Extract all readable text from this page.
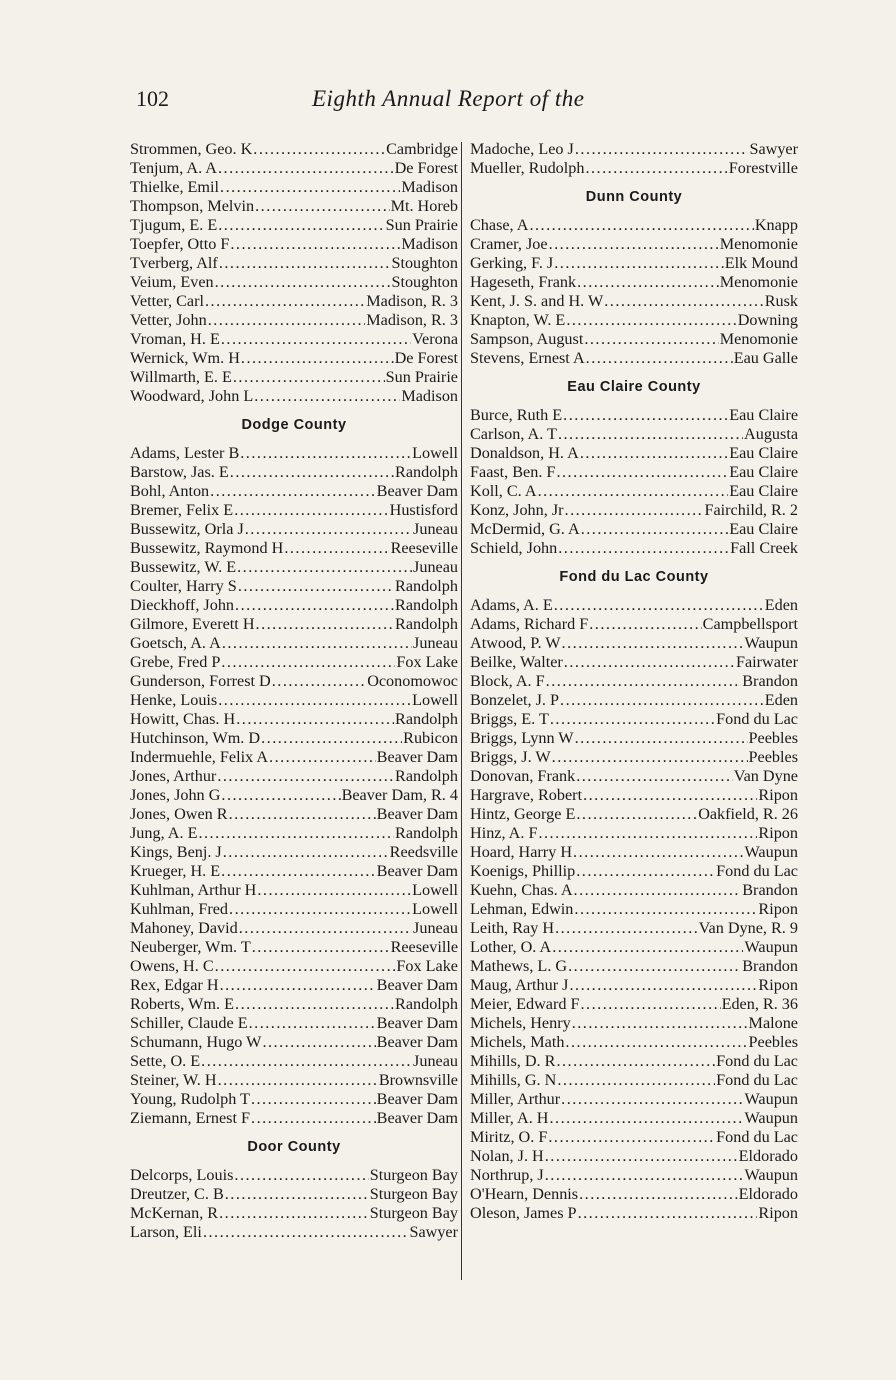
102	Eighth Annual Report of the
Strommen, Geo. K .....	Cambridge
Tenjum, A. A .....	De Forest
Thielke, Emil .....	Madison
Thompson, Melvin .....	Mt. Horeb
Tjugum, E. E .....	Sun Prairie
Toepfer, Otto F .....	Madison
Tverberg, Alf .....	Stoughton
Veium, Even .....	Stoughton
Vetter, Carl .....	Madison, R. 3
Vetter, John .....	Madison, R. 3
Vroman, H. E .....	Verona
Wernick, Wm. H .....	De Forest
Willmarth, E. E .....	Sun Prairie
Woodward, John L .....	Madison
Dodge County
Adams, Lester B .....	Lowell
Barstow, Jas. E .....	Randolph
Bohl, Anton .....	Beaver Dam
Bremer, Felix E .....	Hustisford
Bussewitz, Orla J .....	Juneau
Bussewitz, Raymond H .....	Reeseville
Bussewitz, W. E .....	Juneau
Coulter, Harry S .....	Randolph
Dieckhoff, John .....	Randolph
Gilmore, Everett H .....	Randolph
Goetsch, A. A .....	Juneau
Grebe, Fred P .....	Fox Lake
Gunderson, Forrest D .....	Oconomowoc
Henke, Louis .....	Lowell
Howitt, Chas. H .....	Randolph
Hutchinson, Wm. D .....	Rubicon
Indermuehle, Felix A .....	Beaver Dam
Jones, Arthur .....	Randolph
Jones, John G .....	Beaver Dam, R. 4
Jones, Owen R .....	Beaver Dam
Jung, A. E .....	Randolph
Kings, Benj. J .....	Reedsville
Krueger, H. E .....	Beaver Dam
Kuhlman, Arthur H .....	Lowell
Kuhlman, Fred .....	Lowell
Mahoney, David .....	Juneau
Neuberger, Wm. T .....	Reeseville
Owens, H. C .....	Fox Lake
Rex, Edgar H .....	Beaver Dam
Roberts, Wm. E .....	Randolph
Schiller, Claude E .....	Beaver Dam
Schumann, Hugo W .....	Beaver Dam
Sette, O. E .....	Juneau
Steiner, W. H .....	Brownsville
Young, Rudolph T .....	Beaver Dam
Ziemann, Ernest F .....	Beaver Dam
Door County
Delcorps, Louis .....	Sturgeon Bay
Dreutzer, C. B .....	Sturgeon Bay
McKernan, R .....	Sturgeon Bay
Larson, Eli .....	Sawyer
Madoche, Leo J .....	Sawyer
Mueller, Rudolph .....	Forestville
Dunn County
Chase, A .....	Knapp
Cramer, Joe .....	Menomonie
Gerking, F. J .....	Elk Mound
Hageseth, Frank .....	Menomonie
Kent, J. S. and H. W .....	Rusk
Knapton, W. E .....	Downing
Sampson, August .....	Menomonie
Stevens, Ernest A .....	Eau Galle
Eau Claire County
Burce, Ruth E .....	Eau Claire
Carlson, A. T .....	Augusta
Donaldson, H. A .....	Eau Claire
Faast, Ben. F .....	Eau Claire
Koll, C. A .....	Eau Claire
Konz, John, Jr .....	Fairchild, R. 2
McDermid, G. A .....	Eau Claire
Schield, John .....	Fall Creek
Fond du Lac County
Adams, A. E .....	Eden
Adams, Richard F .....	Campbellsport
Atwood, P. W .....	Waupun
Beilke, Walter .....	Fairwater
Block, A. F .....	Brandon
Bonzelet, J. P .....	Eden
Briggs, E. T .....	Fond du Lac
Briggs, Lynn W .....	Peebles
Briggs, J. W .....	Peebles
Donovan, Frank .....	Van Dyne
Hargrave, Robert .....	Ripon
Hintz, George E .....	Oakfield, R. 26
Hinz, A. F .....	Ripon
Hoard, Harry H .....	Waupun
Koenigs, Phillip .....	Fond du Lac
Kuehn, Chas. A .....	Brandon
Lehman, Edwin .....	Ripon
Leith, Ray H .....	Van Dyne, R. 9
Lother, O. A .....	Waupun
Mathews, L. G .....	Brandon
Maug, Arthur J .....	Ripon
Meier, Edward F .....	Eden, R. 36
Michels, Henry .....	Malone
Michels, Math .....	Peebles
Mihills, D. R .....	Fond du Lac
Mihills, G. N .....	Fond du Lac
Miller, Arthur .....	Waupun
Miller, A. H .....	Waupun
Miritz, O. F .....	Fond du Lac
Nolan, J. H .....	Eldorado
Northrup, J .....	Waupun
O'Hearn, Dennis .....	Eldorado
Oleson, James P .....	Ripon
